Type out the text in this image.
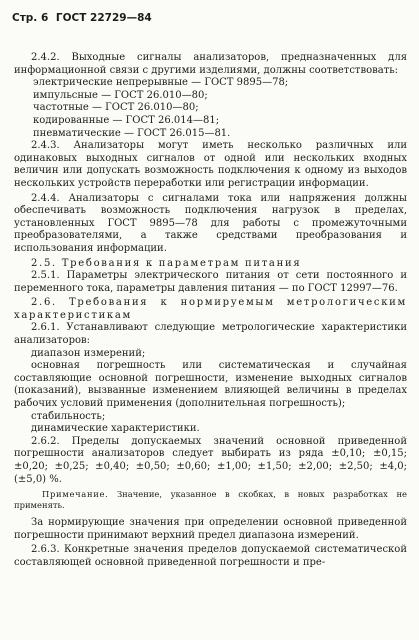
Стр. 6 ГОСТ 22729—84

2.4.2. Выходные сигналы анализаторов, предназначенных для информационной связи с другими изделиями, должны соответствовать:

электрические непрерывные — ГОСТ 9895—78;
импульсные — ГОСТ 26.010—80;
частотные — ГОСТ 26.010—80;
кодированные — ГОСТ 26.014—81;
пневматические — ГОСТ 26.015—81.

2.4.3. Анализаторы могут иметь несколько различных или одинаковых выходных сигналов от одной или нескольких входных величин или допускать возможность подключения к одному из выходов нескольких устройств переработки или регистрации информации.

2.4.4. Анализаторы с сигналами тока или напряжения должны обеспечивать возможность подключения нагрузок в пределах, установленных ГОСТ 9895—78 для работы с промежуточными преобразователями, а также средствами преобразования и использования информации.

2.5. Требования к параметрам питания

2.5.1. Параметры электрического питания от сети постоянного и переменного тока, параметры давления питания — по ГОСТ 12997—76.

2.6. Требования к нормируемым метрологическим характеристикам

2.6.1. Устанавливают следующие метрологические характеристики анализаторов:

диапазон измерений;

основная погрешность или систематическая и случайная составляющие основной погрешности, изменение выходных сигналов (показаний), вызванные изменением влияющей величины в пределах рабочих условий применения (дополнительная погрешность);

стабильность;

динамические характеристики.

2.6.2. Пределы допускаемых значений основной приведенной погрешности анализаторов следует выбирать из ряда ±0,10; ±0,15; ±0,20; ±0,25; ±0,40; ±0,50; ±0,60; ±1,00; ±1,50; ±2,00; ±2,50; ±4,0; (±5,0) %.

Примечание. Значение, указанное в скобках, в новых разработках не применять.

За нормирующие значения при определении основной приведенной погрешности принимают верхний предел диапазона измерений.

2.6.3. Конкретные значения пределов допускаемой систематической составляющей основной приведенной погрешности и пре-
